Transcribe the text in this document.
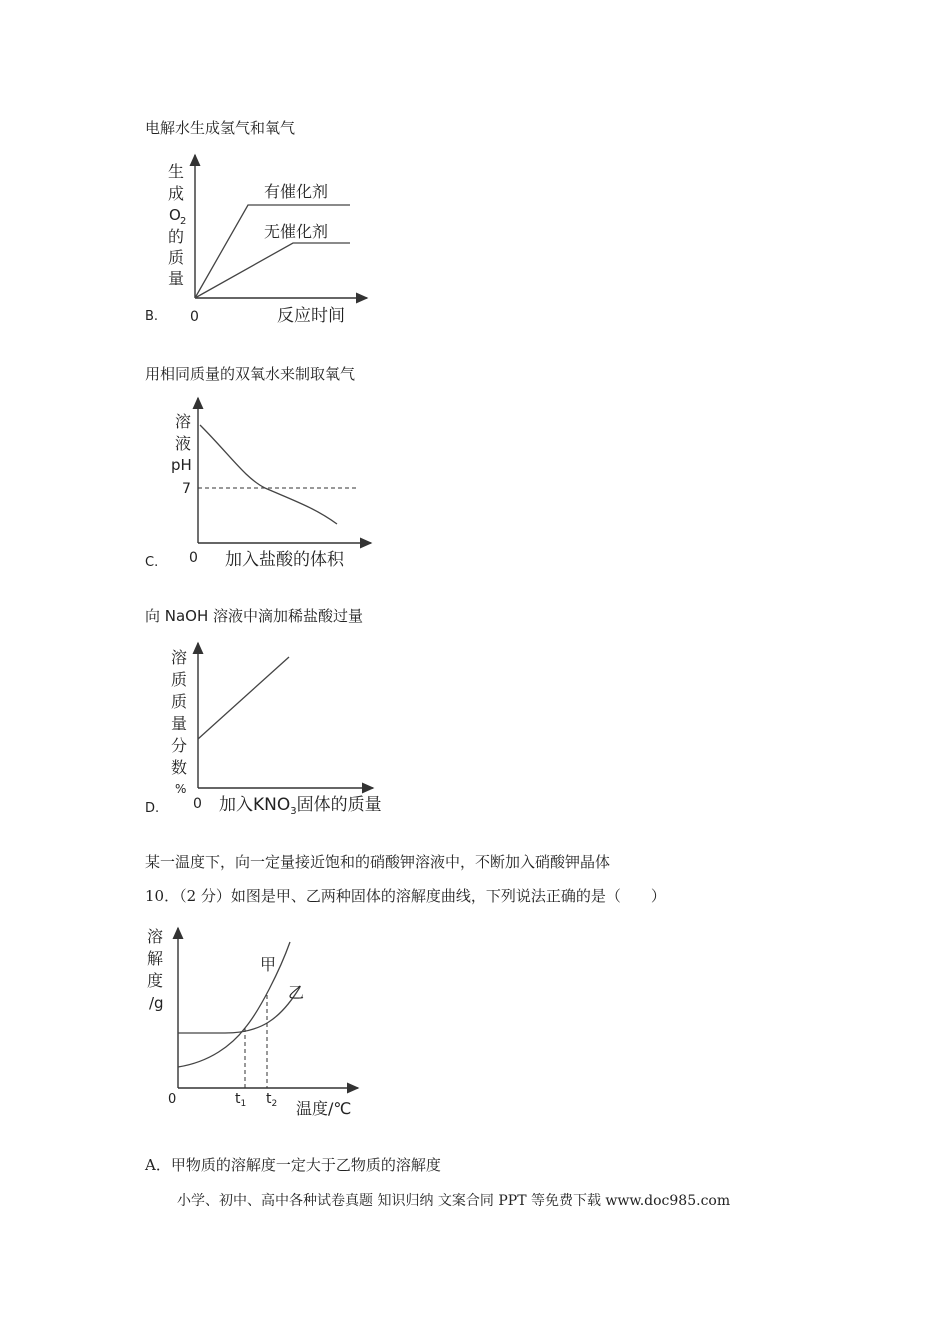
电解水生成氢气和氧气
生
成
O 2
的
质
量
有催化剂
无催化剂
0	反应时间
B.
用相同质量的双氧水来制取氧气
溶
液
pH
7
0 加入盐酸的体积
C.
向 NaOH 溶液中滴加稀盐酸过量
溶
质
质
量
分
数
%
0 加入$KNO_3$固体的质量
D.
某一温度下，向一定量接近饱和的硝酸钾溶液中，不断加入硝酸钾晶体
10．（2 分）如图是甲、乙两种固体的溶解度曲线，下列说法正确的是（　　）
溶
解
度
/g
甲
乙
0	$t_1$ $t_2$ 温度/℃
A．甲物质的溶解度一定大于乙物质的溶解度
小学、初中、高中各种试卷真题 知识归纳 文案合同 PPT 等免费下载 www.doc985.com
